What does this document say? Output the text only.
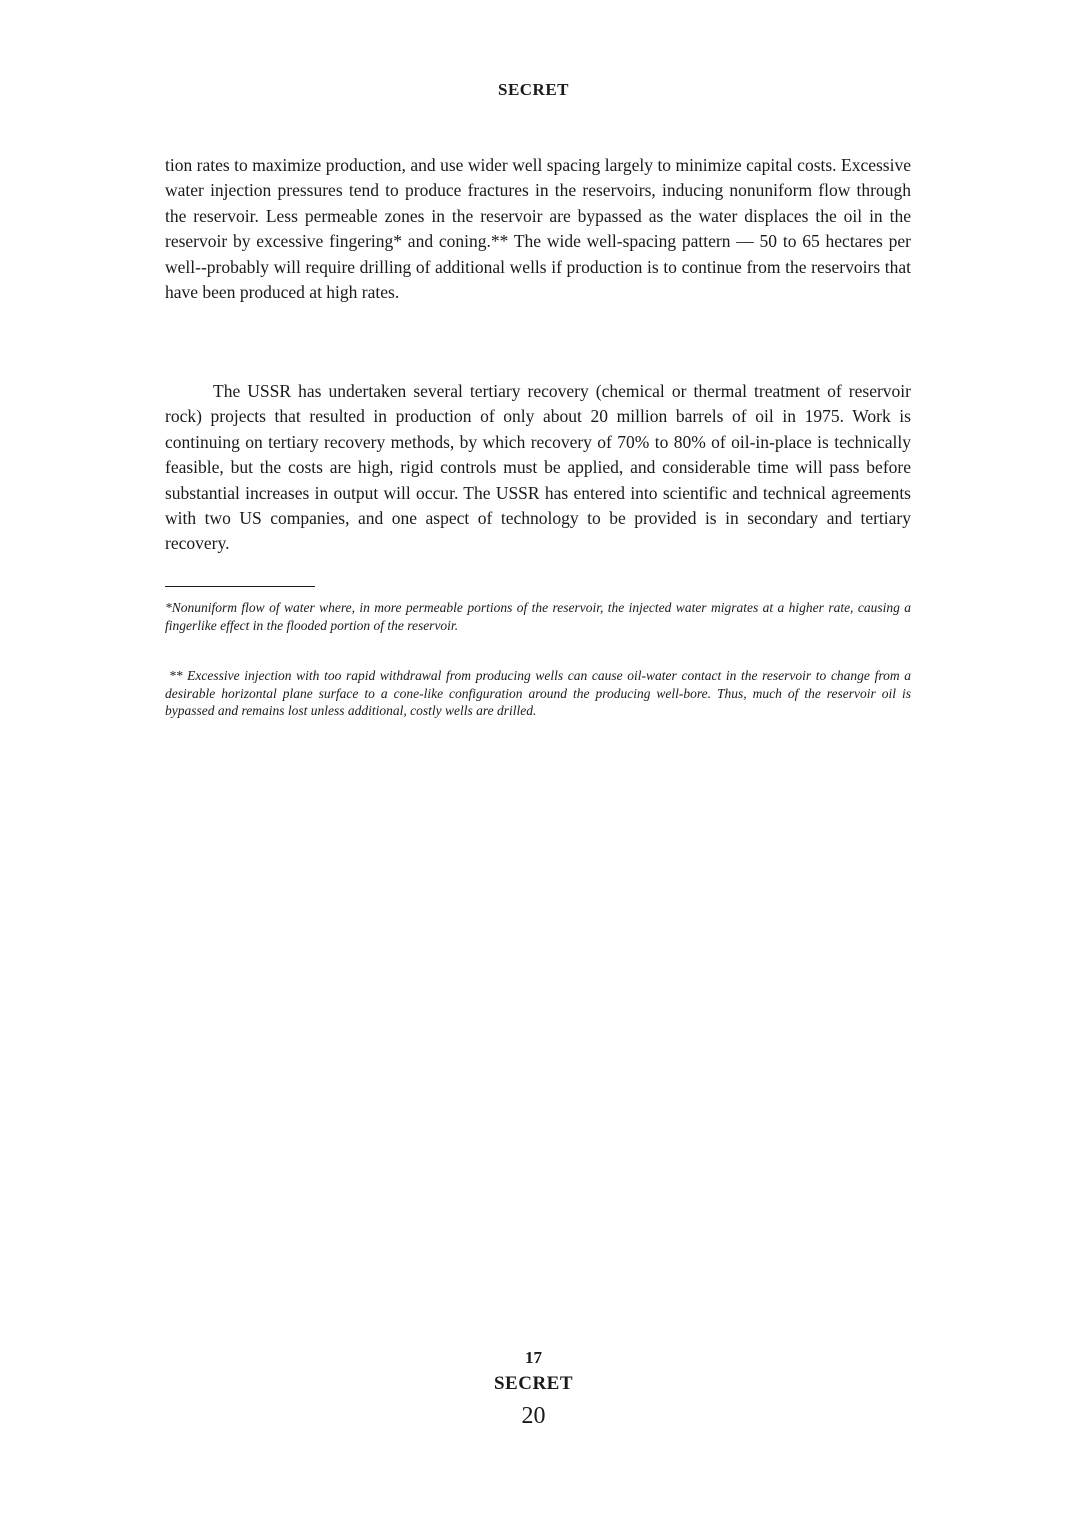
SECRET

tion rates to maximize production, and use wider well spacing largely to minimize capital costs. Excessive water injection pressures tend to produce fractures in the reservoirs, inducing nonuniform flow through the reservoir. Less permeable zones in the reservoir are bypassed as the water displaces the oil in the reservoir by excessive fingering* and coning.** The wide well-spacing pattern — 50 to 65 hectares per well--probably will require drilling of additional wells if production is to continue from the reservoirs that have been produced at high rates.

The USSR has undertaken several tertiary recovery (chemical or thermal treatment of reservoir rock) projects that resulted in production of only about 20 million barrels of oil in 1975. Work is continuing on tertiary recovery methods, by which recovery of 70% to 80% of oil-in-place is technically feasible, but the costs are high, rigid controls must be applied, and considerable time will pass before substantial increases in output will occur. The USSR has entered into scientific and technical agreements with two US companies, and one aspect of technology to be provided is in secondary and tertiary recovery.

*Nonuniform flow of water where, in more permeable portions of the reservoir, the injected water migrates at a higher rate, causing a fingerlike effect in the flooded portion of the reservoir.

** Excessive injection with too rapid withdrawal from producing wells can cause oil-water contact in the reservoir to change from a desirable horizontal plane surface to a cone-like configuration around the producing well-bore. Thus, much of the reservoir oil is bypassed and remains lost unless additional, costly wells are drilled.

17
SECRET
20
